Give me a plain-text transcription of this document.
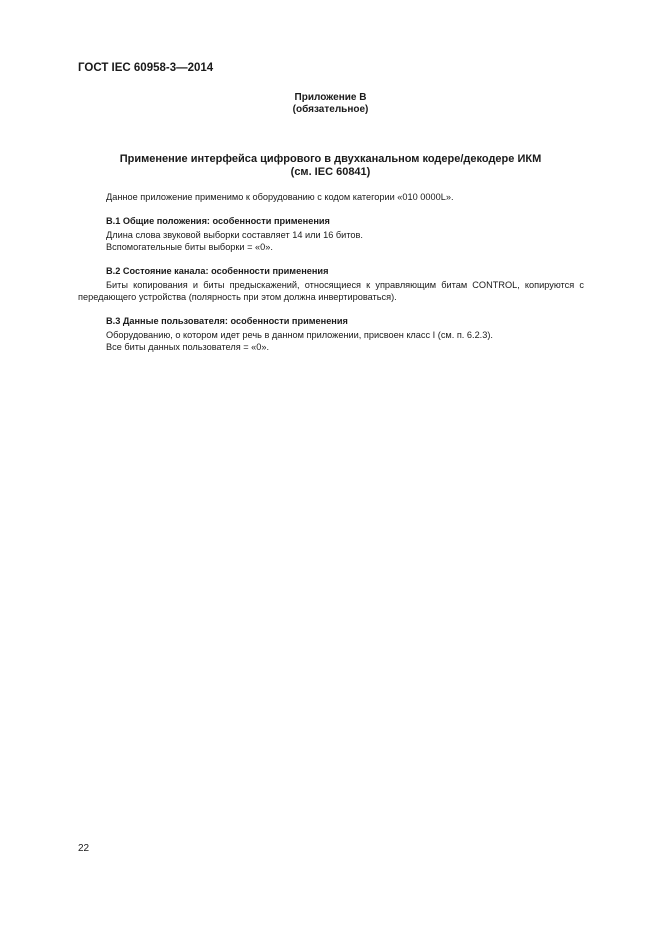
ГОСТ IEC 60958-3—2014
Приложение В
(обязательное)
Применение интерфейса цифрового в двухканальном кодере/декодере ИКМ
(см. IEC 60841)

Данное приложение применимо к оборудованию с кодом категории «010 0000L».

В.1 Общие положения: особенности применения

Длина слова звуковой выборки составляет 14 или 16 битов.

Вспомогательные биты выборки = «0».

В.2 Состояние канала: особенности применения

Биты копирования и биты предыскажений, относящиеся к управляющим битам CONTROL, копируются с передающего устройства (полярность при этом должна инвертироваться).

В.3 Данные пользователя: особенности применения

Оборудованию, о котором идет речь в данном приложении, присвоен класс I (см. п. 6.2.3).

Все биты данных пользователя = «0».

22
